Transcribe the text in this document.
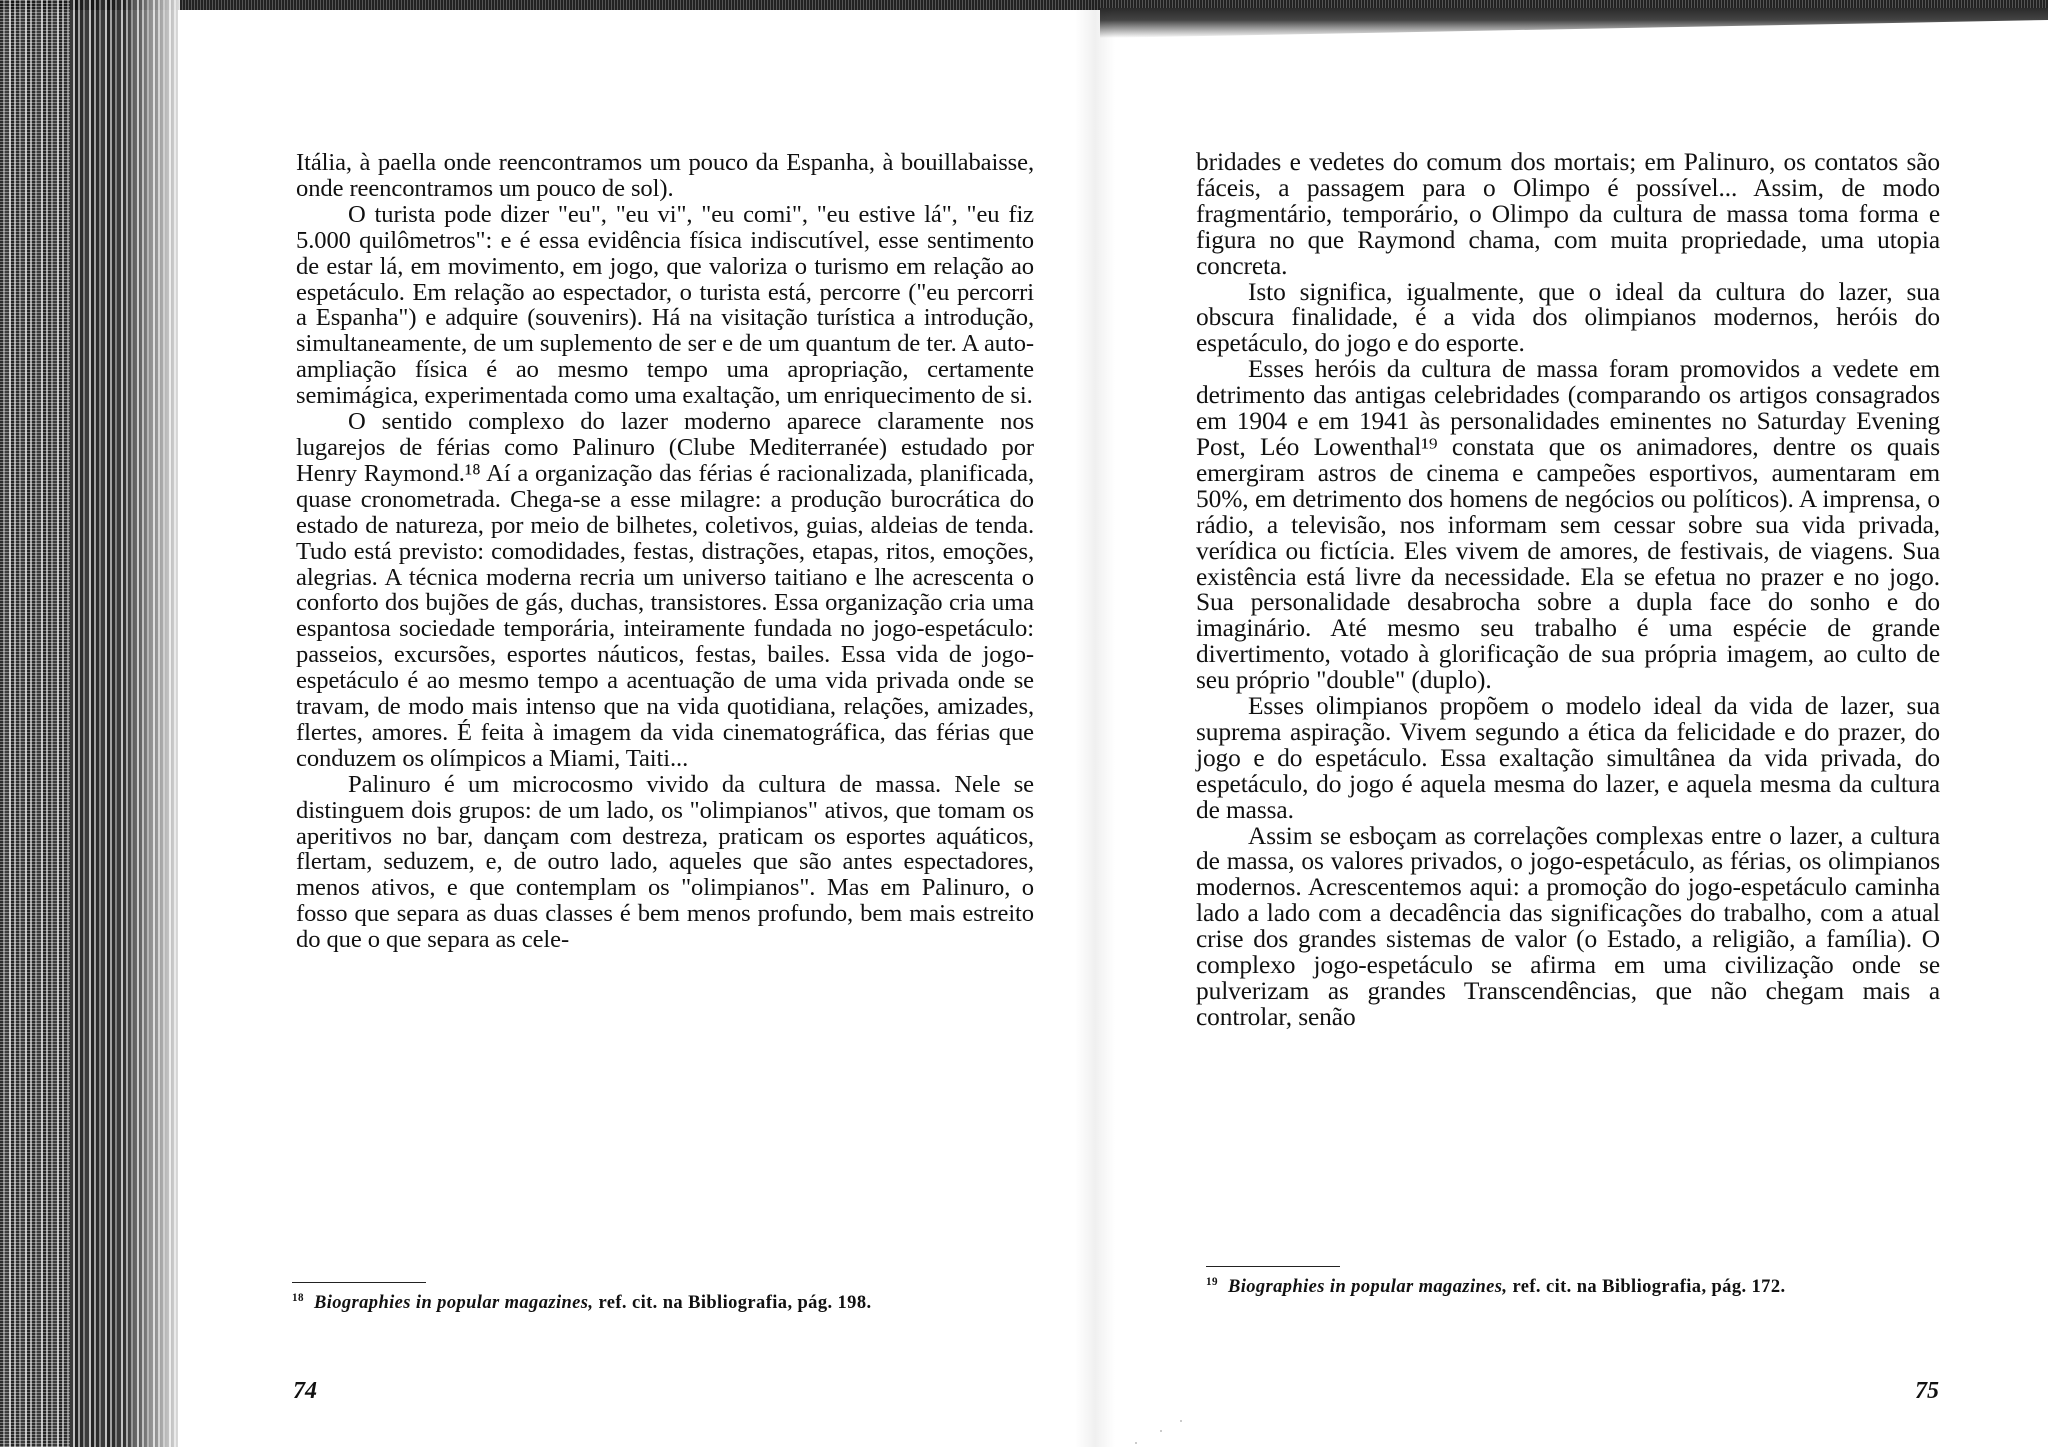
Itália, à paella onde reencontramos um pouco da Espanha, à bouillabaisse, onde reencontramos um pouco de sol).

O turista pode dizer "eu", "eu vi", "eu comi", "eu estive lá", "eu fiz 5.000 quilômetros": e é essa evidência física indiscutível, esse sentimento de estar lá, em movimento, em jogo, que valoriza o turismo em relação ao espetáculo. Em relação ao espectador, o turista está, percorre ("eu percorri a Espanha") e adquire (souvenirs). Há na visitação turística a introdução, simultaneamente, de um suplemento de ser e de um quantum de ter. A auto-ampliação física é ao mesmo tempo uma apropriação, certamente semimágica, experimentada como uma exaltação, um enriquecimento de si.

O sentido complexo do lazer moderno aparece claramente nos lugarejos de férias como Palinuro (Clube Mediterranée) estudado por Henry Raymond.¹⁸ Aí a organização das férias é racionalizada, planificada, quase cronometrada. Chega-se a esse milagre: a produção burocrática do estado de natureza, por meio de bilhetes, coletivos, guias, aldeias de tenda. Tudo está previsto: comodidades, festas, distrações, etapas, ritos, emoções, alegrias. A técnica moderna recria um universo taitiano e lhe acrescenta o conforto dos bujões de gás, duchas, transistores. Essa organização cria uma espantosa sociedade temporária, inteiramente fundada no jogo-espetáculo: passeios, excursões, esportes náuticos, festas, bailes. Essa vida de jogo-espetáculo é ao mesmo tempo a acentuação de uma vida privada onde se travam, de modo mais intenso que na vida quotidiana, relações, amizades, flertes, amores. É feita à imagem da vida cinematográfica, das férias que conduzem os olímpicos a Miami, Taiti...

Palinuro é um microcosmo vivido da cultura de massa. Nele se distinguem dois grupos: de um lado, os "olimpianos" ativos, que tomam os aperitivos no bar, dançam com destreza, praticam os esportes aquáticos, flertam, seduzem, e, de outro lado, aqueles que são antes espectadores, menos ativos, e que contemplam os "olimpianos". Mas em Palinuro, o fosso que separa as duas classes é bem menos profundo, bem mais estreito do que o que separa as cele-

$^{18}$ Biographies in popular magazines, ref. cit. na Bibliografia, pág. 198.
74

bridades e vedetes do comum dos mortais; em Palinuro, os contatos são fáceis, a passagem para o Olimpo é possível... Assim, de modo fragmentário, temporário, o Olimpo da cultura de massa toma forma e figura no que Raymond chama, com muita propriedade, uma utopia concreta.

Isto significa, igualmente, que o ideal da cultura do lazer, sua obscura finalidade, é a vida dos olimpianos modernos, heróis do espetáculo, do jogo e do esporte.

Esses heróis da cultura de massa foram promovidos a vedete em detrimento das antigas celebridades (comparando os artigos consagrados em 1904 e em 1941 às personalidades eminentes no Saturday Evening Post, Léo Lowenthal¹⁹ constata que os animadores, dentre os quais emergiram astros de cinema e campeões esportivos, aumentaram em 50%, em detrimento dos homens de negócios ou políticos). A imprensa, o rádio, a televisão, nos informam sem cessar sobre sua vida privada, verídica ou fictícia. Eles vivem de amores, de festivais, de viagens. Sua existência está livre da necessidade. Ela se efetua no prazer e no jogo. Sua personalidade desabrocha sobre a dupla face do sonho e do imaginário. Até mesmo seu trabalho é uma espécie de grande divertimento, votado à glorificação de sua própria imagem, ao culto de seu próprio "double" (duplo).

Esses olimpianos propõem o modelo ideal da vida de lazer, sua suprema aspiração. Vivem segundo a ética da felicidade e do prazer, do jogo e do espetáculo. Essa exaltação simultânea da vida privada, do espetáculo, do jogo é aquela mesma do lazer, e aquela mesma da cultura de massa.

Assim se esboçam as correlações complexas entre o lazer, a cultura de massa, os valores privados, o jogo-espetáculo, as férias, os olimpianos modernos. Acrescentemos aqui: a promoção do jogo-espetáculo caminha lado a lado com a decadência das significações do trabalho, com a atual crise dos grandes sistemas de valor (o Estado, a religião, a família). O complexo jogo-espetáculo se afirma em uma civilização onde se pulverizam as grandes Transcendências, que não chegam mais a controlar, senão

$^{19}$ Biographies in popular magazines, ref. cit. na Bibliografia, pág. 172.
75
